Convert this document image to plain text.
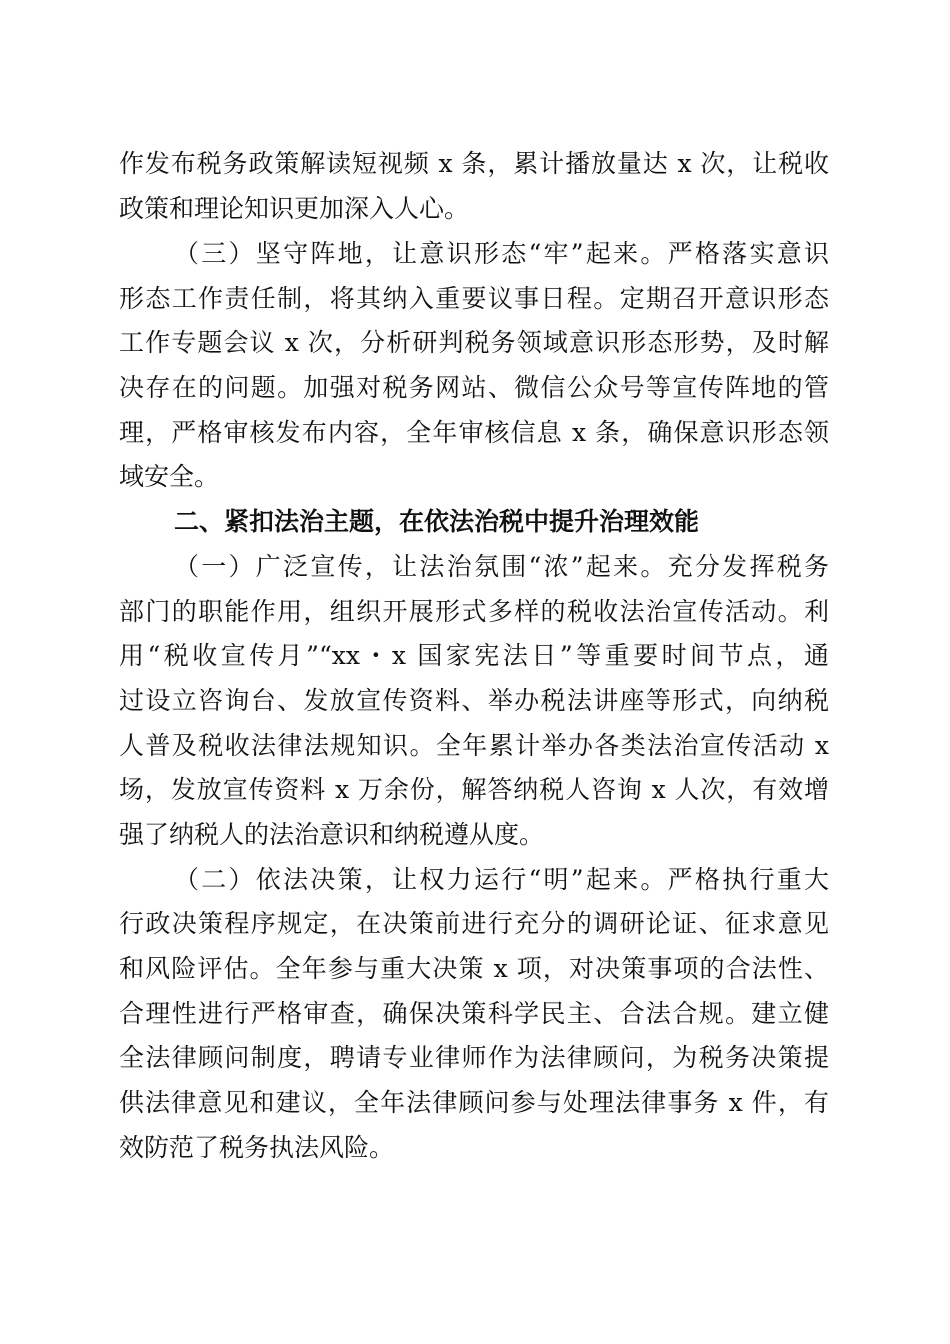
作发布税务政策解读短视频 x 条，累计播放量达 x 次，让税收
政策和理论知识更加深入人心。
（三）坚守阵地，让意识形态“牢”起来。严格落实意识
形态工作责任制，将其纳入重要议事日程。定期召开意识形态
工作专题会议 x 次，分析研判税务领域意识形态形势，及时解
决存在的问题。加强对税务网站、微信公众号等宣传阵地的管
理，严格审核发布内容，全年审核信息 x 条，确保意识形态领
域安全。
二、紧扣法治主题，在依法治税中提升治理效能
（一）广泛宣传，让法治氛围“浓”起来。充分发挥税务
部门的职能作用，组织开展形式多样的税收法治宣传活动。利
用“税收宣传月”“xx・x 国家宪法日”等重要时间节点，通
过设立咨询台、发放宣传资料、举办税法讲座等形式，向纳税
人普及税收法律法规知识。全年累计举办各类法治宣传活动 x
场，发放宣传资料 x 万余份，解答纳税人咨询 x 人次，有效增
强了纳税人的法治意识和纳税遵从度。
（二）依法决策，让权力运行“明”起来。严格执行重大
行政决策程序规定，在决策前进行充分的调研论证、征求意见
和风险评估。全年参与重大决策 x 项，对决策事项的合法性、
合理性进行严格审查，确保决策科学民主、合法合规。建立健
全法律顾问制度，聘请专业律师作为法律顾问，为税务决策提
供法律意见和建议，全年法律顾问参与处理法律事务 x 件，有
效防范了税务执法风险。
